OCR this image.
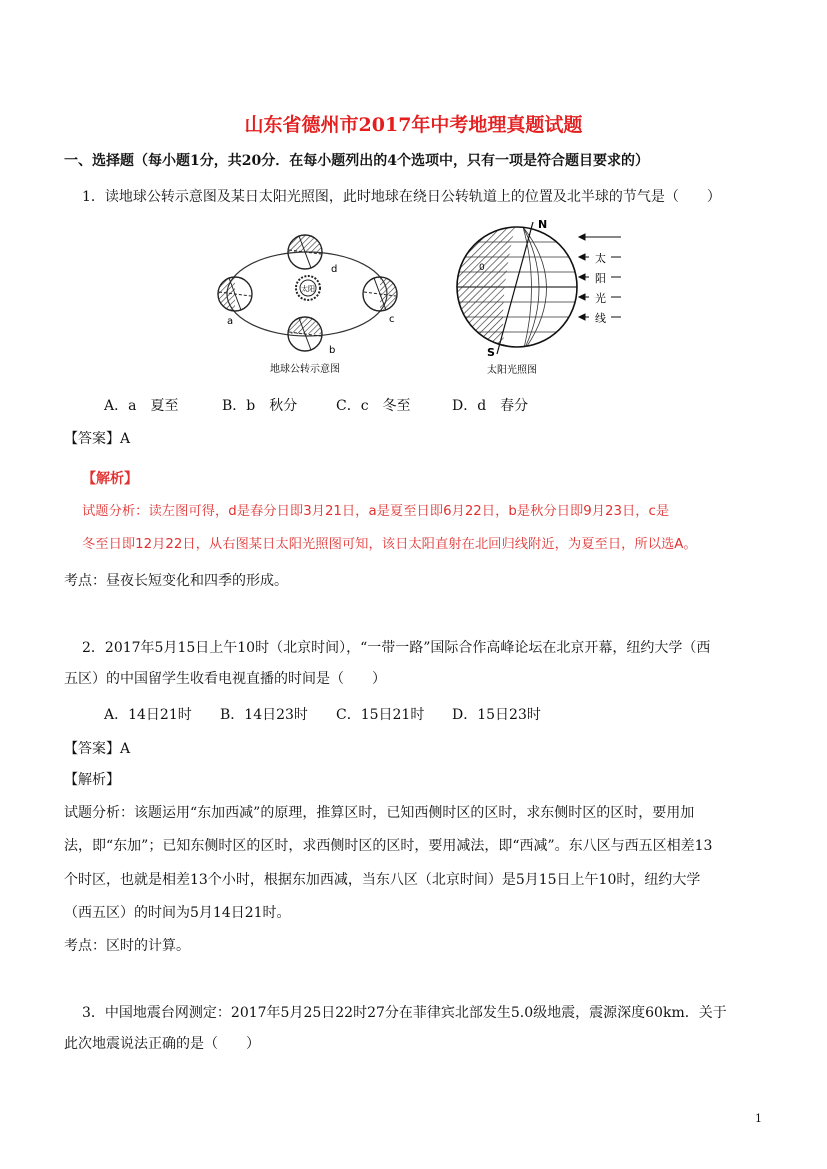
山东省德州市2017年中考地理真题试题
一、选择题（每小题1分，共20分．在每小题列出的4个选项中，只有一项是符合题目要求的）
1．读地球公转示意图及某日太阳光照图，此时地球在绕日公转轨道上的位置及北半球的节气是（　　）
太阳
a
d
c
b
地球公转示意图
N
S
0
太
阳
光
线
太阳光照图
A．a　夏至	B．b　秋分	C．c　冬至	D．d　春分
【答案】A
【解析】
试题分析：读左图可得，d是春分日即3月21日，a是夏至日即6月22日，b是秋分日即9月23日，c是
冬至日即12月22日，从右图某日太阳光照图可知，该日太阳直射在北回归线附近，为夏至日，所以选A。
考点：昼夜长短变化和四季的形成。
2．2017年5月15日上午10时（北京时间），“一带一路”国际合作高峰论坛在北京开幕，纽约大学（西
五区）的中国留学生收看电视直播的时间是（　　）
A．14日21时 B．14日23时 C．15日21时 D．15日23时
【答案】A
【解析】
试题分析：该题运用“东加西减”的原理，推算区时，已知西侧时区的区时，求东侧时区的区时，要用加
法，即“东加”；已知东侧时区的区时，求西侧时区的区时，要用减法，即“西减”。东八区与西五区相差13
个时区，也就是相差13个小时，根据东加西减，当东八区（北京时间）是5月15日上午10时，纽约大学
（西五区）的时间为5月14日21时。
考点：区时的计算。
3．中国地震台网测定：2017年5月25日22时27分在菲律宾北部发生5.0级地震，震源深度60km．关于
此次地震说法正确的是（　　）
1
